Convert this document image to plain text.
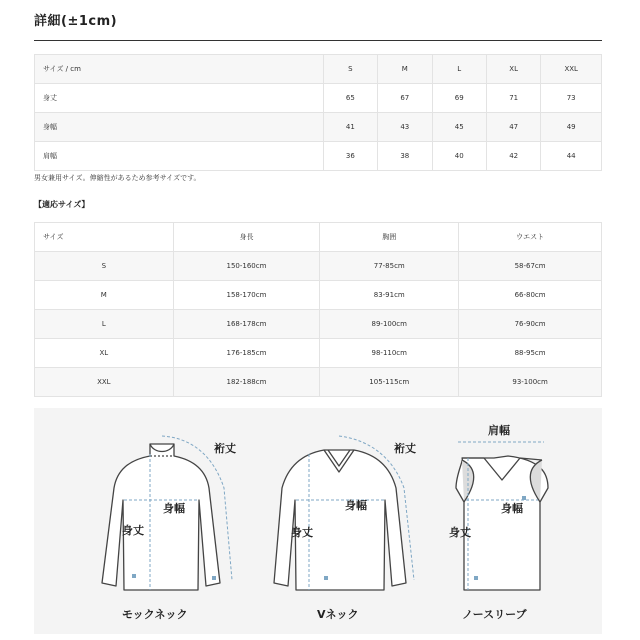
詳細(±1cm)
サイズ / cm	S	M	L	XL	XXL
身丈	65	67	69	71	73
身幅	41	43	45	47	49
肩幅	36	38	40	42	44
男女兼用サイズ。伸縮性があるため参考サイズです。
【適応サイズ】
サイズ	身長	胸囲	ウエスト
S	150-160cm	77-85cm	58-67cm
M	158-170cm	83-91cm	66-80cm
L	168-178cm	89-100cm	76-90cm
XL	176-185cm	98-110cm	88-95cm
XXL	182-188cm	105-115cm	93-100cm
裄丈
身幅
身丈
裄丈
身幅
身丈
肩幅
身幅
身丈
モックネック	Vネック	ノースリーブ
